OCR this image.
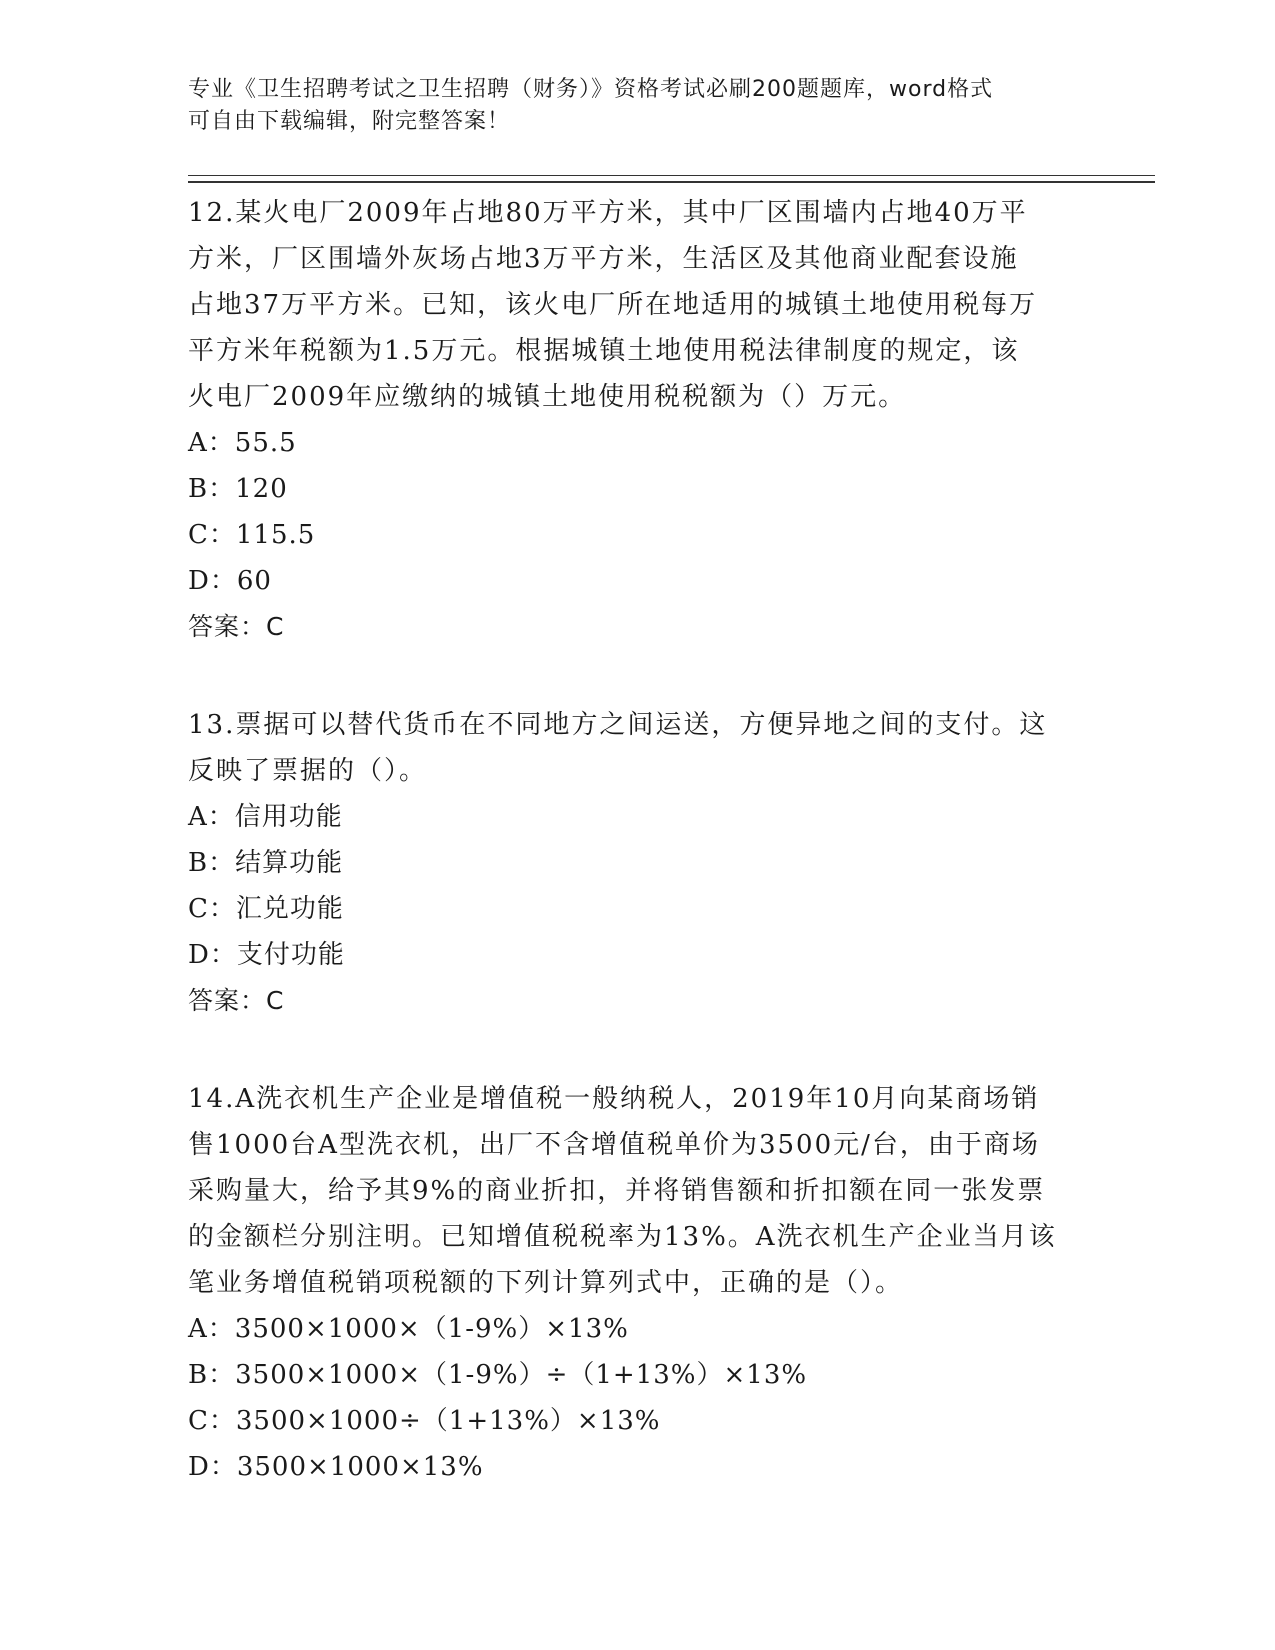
专业《卫生招聘考试之卫生招聘（财务）》资格考试必刷200题题库，word格式

可自由下载编辑，附完整答案！

12.某火电厂2009年占地80万平方米，其中厂区围墙内占地40万平

方米，厂区围墙外灰场占地3万平方米，生活区及其他商业配套设施

占地37万平方米。已知，该火电厂所在地适用的城镇土地使用税每万

平方米年税额为1.5万元。根据城镇土地使用税法律制度的规定，该

火电厂2009年应缴纳的城镇土地使用税税额为（）万元。

A：55.5

B：120

C：115.5

D：60

答案：C

13.票据可以替代货币在不同地方之间运送，方便异地之间的支付。这

反映了票据的（）。

A：信用功能

B：结算功能

C：汇兑功能

D：支付功能

答案：C

14.A洗衣机生产企业是增值税一般纳税人，2019年10月向某商场销

售1000台A型洗衣机，出厂不含增值税单价为3500元/台，由于商场

采购量大，给予其9%的商业折扣，并将销售额和折扣额在同一张发票

的金额栏分别注明。已知增值税税率为13%。A洗衣机生产企业当月该

笔业务增值税销项税额的下列计算列式中，正确的是（）。

A：3500×1000×（1-9%）×13%

B：3500×1000×（1-9%）÷（1+13%）×13%

C：3500×1000÷（1+13%）×13%

D：3500×1000×13%
